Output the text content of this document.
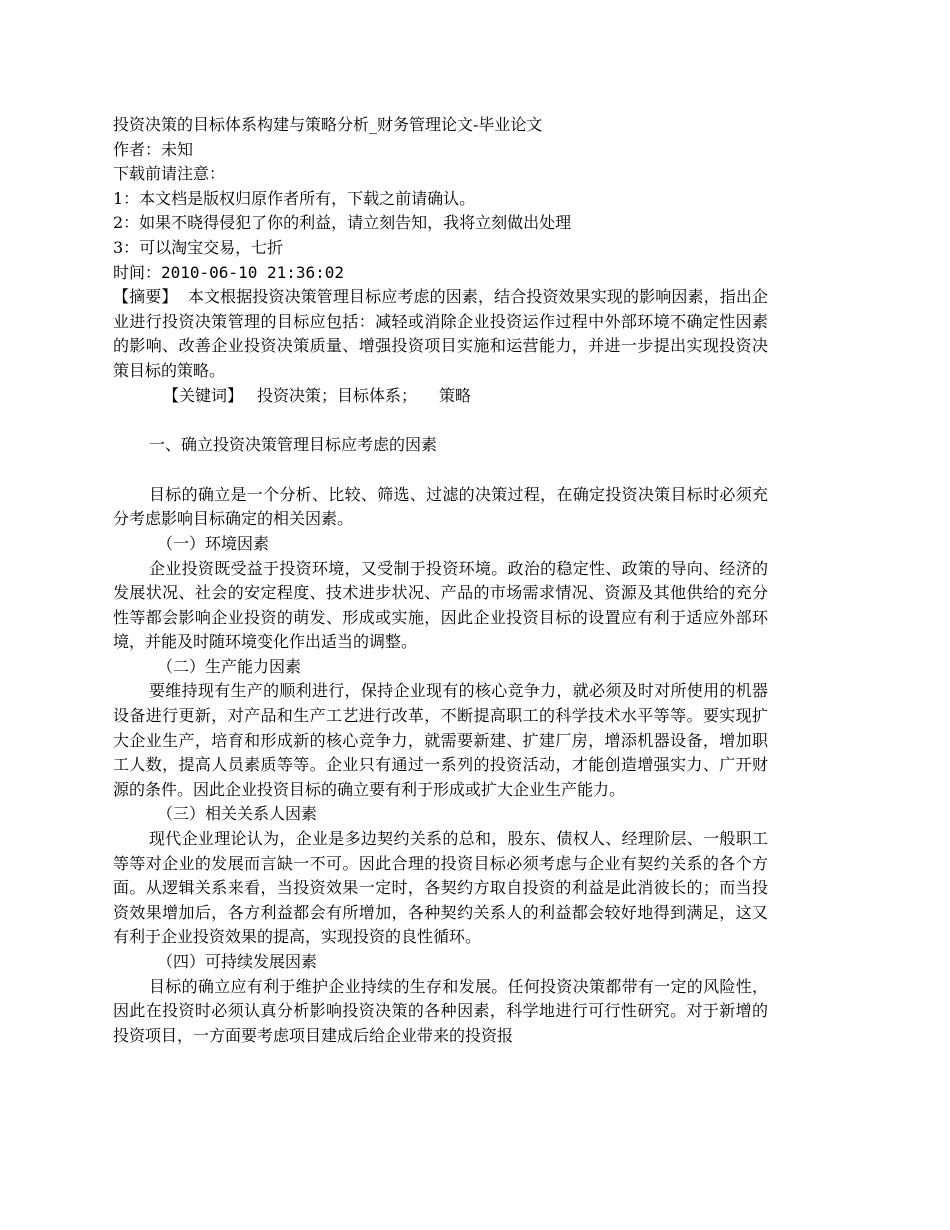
投资决策的目标体系构建与策略分析_财务管理论文-毕业论文
作者：未知
下载前请注意：
1：本文档是版权归原作者所有，下载之前请确认。
2：如果不晓得侵犯了你的利益，请立刻告知，我将立刻做出处理
3：可以淘宝交易，七折
时间：2010-06-10 21:36:02
【摘要】 本文根据投资决策管理目标应考虑的因素，结合投资效果实现的影响因素，指出企业进行投资决策管理的目标应包括：减轻或消除企业投资运作过程中外部环境不确定性因素的影响、改善企业投资决策质量、增强投资项目实施和运营能力，并进一步提出实现投资决策目标的策略。
【关键词】 投资决策；目标体系； 策略
一、确立投资决策管理目标应考虑的因素
目标的确立是一个分析、比较、筛选、过滤的决策过程，在确定投资决策目标时必须充分考虑影响目标确定的相关因素。
（一）环境因素
企业投资既受益于投资环境，又受制于投资环境。政治的稳定性、政策的导向、经济的发展状况、社会的安定程度、技术进步状况、产品的市场需求情况、资源及其他供给的充分性等都会影响企业投资的萌发、形成或实施，因此企业投资目标的设置应有利于适应外部环境，并能及时随环境变化作出适当的调整。
（二）生产能力因素
要维持现有生产的顺利进行，保持企业现有的核心竞争力，就必须及时对所使用的机器设备进行更新，对产品和生产工艺进行改革，不断提高职工的科学技术水平等等。要实现扩大企业生产，培育和形成新的核心竞争力，就需要新建、扩建厂房，增添机器设备，增加职工人数，提高人员素质等等。企业只有通过一系列的投资活动，才能创造增强实力、广开财源的条件。因此企业投资目标的确立要有利于形成或扩大企业生产能力。
（三）相关关系人因素
现代企业理论认为，企业是多边契约关系的总和，股东、债权人、经理阶层、一般职工等等对企业的发展而言缺一不可。因此合理的投资目标必须考虑与企业有契约关系的各个方面。从逻辑关系来看，当投资效果一定时，各契约方取自投资的利益是此消彼长的；而当投资效果增加后，各方利益都会有所增加，各种契约关系人的利益都会较好地得到满足，这又有利于企业投资效果的提高，实现投资的良性循环。
（四）可持续发展因素
目标的确立应有利于维护企业持续的生存和发展。任何投资决策都带有一定的风险性，因此在投资时必须认真分析影响投资决策的各种因素，科学地进行可行性研究。对于新增的投资项目，一方面要考虑项目建成后给企业带来的投资报
